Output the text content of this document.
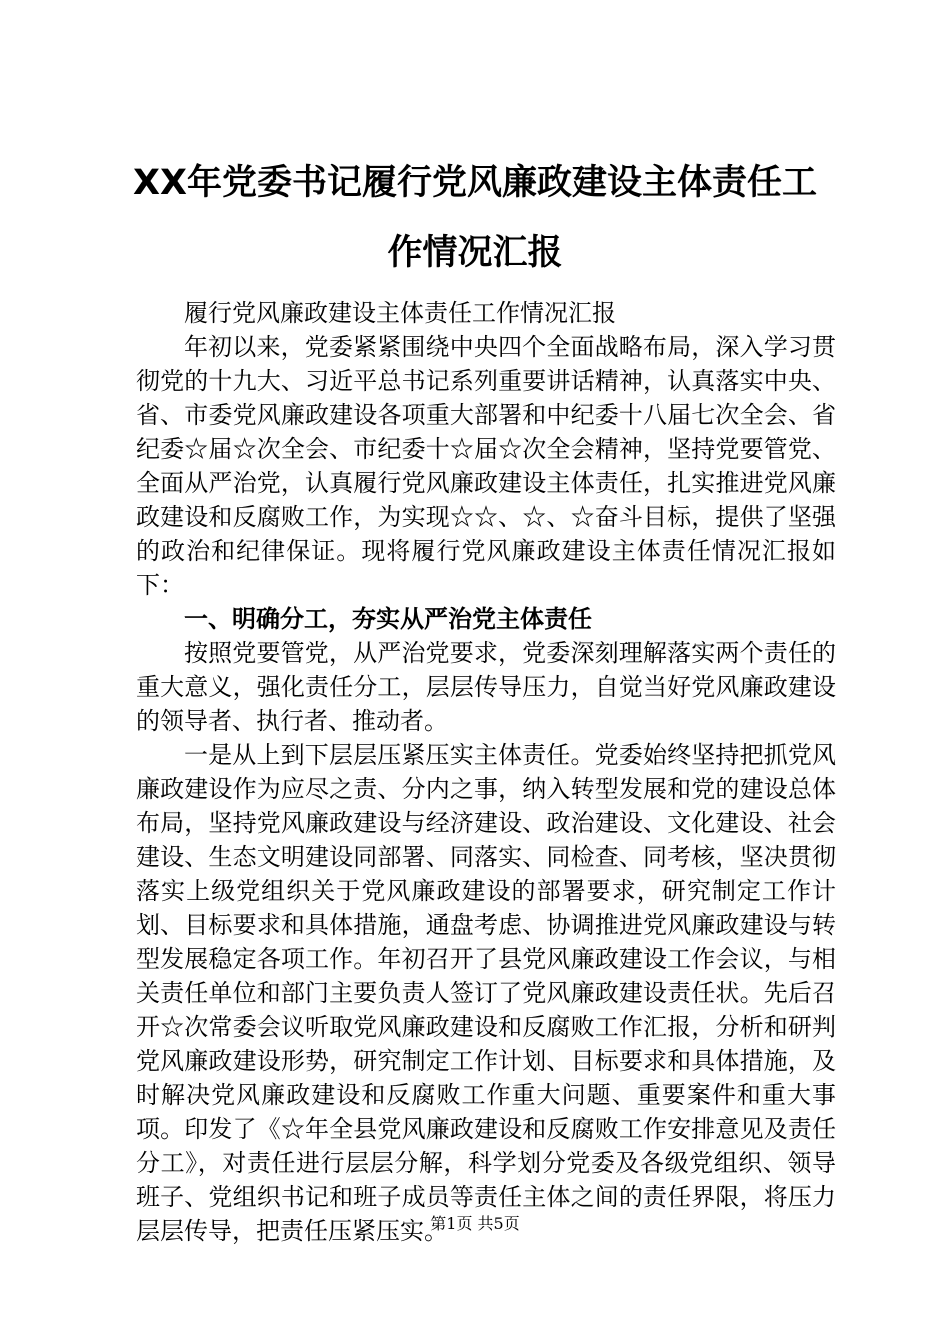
XX年党委书记履行党风廉政建设主体责任工作情况汇报

履行党风廉政建设主体责任工作情况汇报

年初以来，党委紧紧围绕中央四个全面战略布局，深入学习贯彻党的十九大、习近平总书记系列重要讲话精神，认真落实中央、省、市委党风廉政建设各项重大部署和中纪委十八届七次全会、省纪委☆届☆次全会、市纪委十☆届☆次全会精神，坚持党要管党、全面从严治党，认真履行党风廉政建设主体责任，扎实推进党风廉政建设和反腐败工作，为实现☆☆、☆、☆奋斗目标，提供了坚强的政治和纪律保证。现将履行党风廉政建设主体责任情况汇报如下：

一、明确分工，夯实从严治党主体责任

按照党要管党，从严治党要求，党委深刻理解落实两个责任的重大意义，强化责任分工，层层传导压力，自觉当好党风廉政建设的领导者、执行者、推动者。

一是从上到下层层压紧压实主体责任。党委始终坚持把抓党风廉政建设作为应尽之责、分内之事，纳入转型发展和党的建设总体布局，坚持党风廉政建设与经济建设、政治建设、文化建设、社会建设、生态文明建设同部署、同落实、同检查、同考核，坚决贯彻落实上级党组织关于党风廉政建设的部署要求，研究制定工作计划、目标要求和具体措施，通盘考虑、协调推进党风廉政建设与转型发展稳定各项工作。年初召开了县党风廉政建设工作会议，与相关责任单位和部门主要负责人签订了党风廉政建设责任状。先后召开☆次常委会议听取党风廉政建设和反腐败工作汇报，分析和研判党风廉政建设形势，研究制定工作计划、目标要求和具体措施，及时解决党风廉政建设和反腐败工作重大问题、重要案件和重大事项。印发了《☆年全县党风廉政建设和反腐败工作安排意见及责任分工》，对责任进行层层分解，科学划分党委及各级党组织、领导班子、党组织书记和班子成员等责任主体之间的责任界限，将压力层层传导，把责任压紧压实。

第1页 共5页
